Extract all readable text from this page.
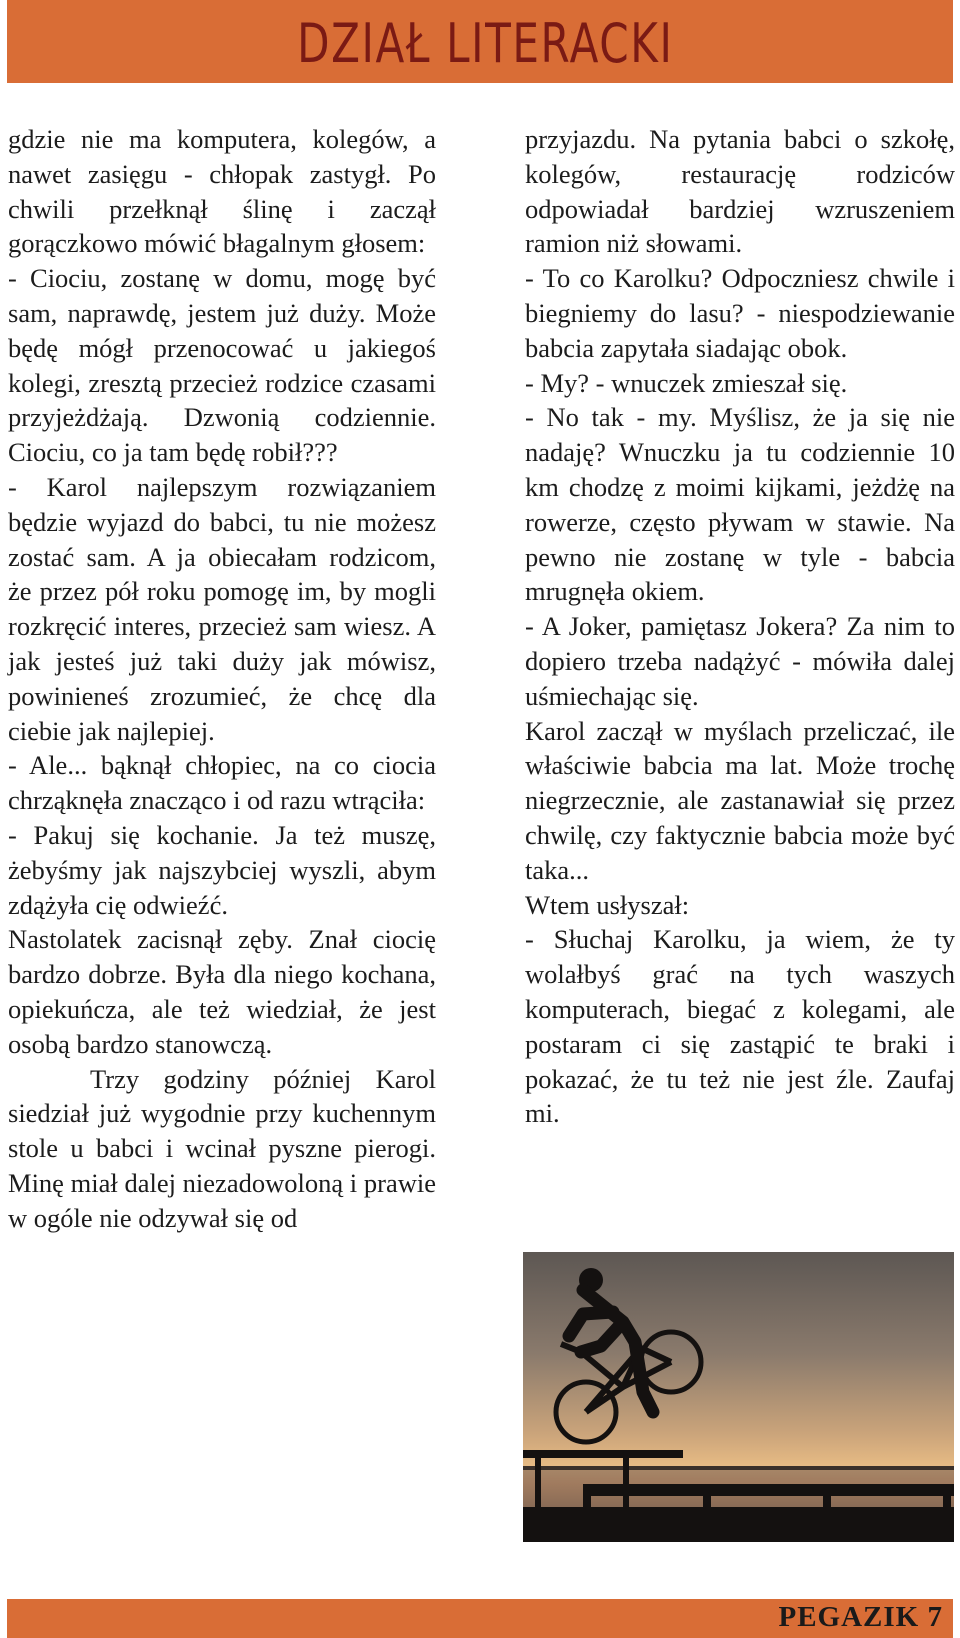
DZIAŁ LITERACKI

gdzie nie ma komputera, kolegów, a nawet zasięgu - chłopak zastygł. Po chwili przełknął ślinę i zaczął gorączkowo mówić błagalnym głosem:

- Ciociu, zostanę w domu, mogę być sam, naprawdę, jestem już duży. Może będę mógł przenocować u jakiegoś kolegi, zresztą przecież rodzice czasami przyjeżdżają. Dzwonią codziennie. Ciociu, co ja tam będę robił???

- Karol najlepszym rozwiązaniem będzie wyjazd do babci, tu nie możesz zostać sam. A ja obiecałam rodzicom, że przez pół roku pomogę im, by mogli rozkręcić interes, przecież sam wiesz. A jak jesteś już taki duży jak mówisz, powinieneś zrozumieć, że chcę dla ciebie jak najlepiej.

- Ale... bąknął chłopiec, na co ciocia chrząknęła znacząco i od razu wtrąciła:

- Pakuj się kochanie. Ja też muszę, żebyśmy jak najszybciej wyszli, abym zdążyła cię odwieźć.

Nastolatek zacisnął zęby. Znał ciocię bardzo dobrze. Była dla niego kochana, opiekuńcza, ale też wiedział, że jest osobą bardzo stanowczą.

Trzy godziny później Karol siedział już wygodnie przy kuchennym stole u babci i wcinał pyszne pierogi. Minę miał dalej niezadowoloną i prawie w ogóle nie odzywał się od

przyjazdu. Na pytania babci o szkołę, kolegów, restaurację rodziców odpowiadał bardziej wzruszeniem ramion niż słowami.

- To co Karolku? Odpoczniesz chwile i biegniemy do lasu? - niespodziewanie babcia zapytała siadając obok.

- My? - wnuczek zmieszał się.

- No tak - my. Myślisz, że ja się nie nadaję? Wnuczku ja tu codziennie 10 km chodzę z moimi kijkami, jeżdżę na rowerze, często pływam w stawie. Na pewno nie zostanę w tyle - babcia mrugnęła okiem.

- A Joker, pamiętasz Jokera? Za nim to dopiero trzeba nadążyć - mówiła dalej uśmiechając się.

Karol zaczął w myślach przeliczać, ile właściwie babcia ma lat. Może trochę niegrzecznie, ale zastanawiał się przez chwilę, czy faktycznie babcia może być taka...

Wtem usłyszał:

- Słuchaj Karolku, ja wiem, że ty wolałbyś grać na tych waszych komputerach, biegać z kolegami, ale postaram ci się zastąpić te braki i pokazać, że tu też nie jest źle. Zaufaj mi.

PEGAZIK 7
